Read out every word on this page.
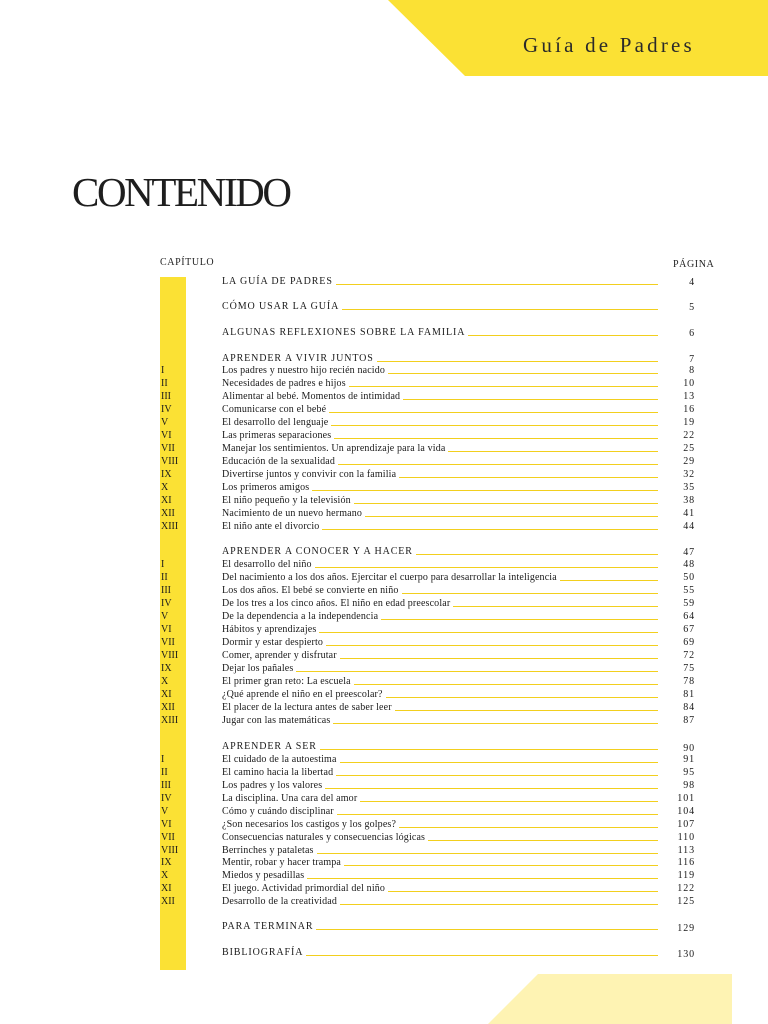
Guía de Padres
CONTENIDO
CAPÍTULO	PÁGINA
LA GUÍA DE PADRES	4
CÓMO USAR LA GUÍA	5
ALGUNAS REFLEXIONES SOBRE LA FAMILIA	6
APRENDER A VIVIR JUNTOS	7
I	Los padres y nuestro hijo recién nacido	8
II	Necesidades de padres e hijos	10
III	Alimentar al bebé. Momentos de intimidad	13
IV	Comunicarse con el bebé	16
V	El desarrollo del lenguaje	19
VI	Las primeras separaciones	22
VII	Manejar los sentimientos. Un aprendizaje para la vida	25
VIII	Educación de la sexualidad	29
IX	Divertirse juntos y convivir con la familia	32
X	Los primeros amigos	35
XI	El niño pequeño y la televisión	38
XII	Nacimiento de un nuevo hermano	41
XIII	El niño ante el divorcio	44
APRENDER A CONOCER Y A HACER	47
I	El desarrollo del niño	48
II	Del nacimiento a los dos años. Ejercitar el cuerpo para desarrollar la inteligencia	50
III	Los dos años. El bebé se convierte en niño	55
IV	De los tres a los cinco años. El niño en edad preescolar	59
V	De la dependencia a la independencia	64
VI	Hábitos y aprendizajes	67
VII	Dormir y estar despierto	69
VIII	Comer, aprender y disfrutar	72
IX	Dejar los pañales	75
X	El primer gran reto: La escuela	78
XI	¿Qué aprende el niño en el preescolar?	81
XII	El placer de la lectura antes de saber leer	84
XIII	Jugar con las matemáticas	87
APRENDER A SER	90
I	El cuidado de la autoestima	91
II	El camino hacia la libertad	95
III	Los padres y los valores	98
IV	La disciplina. Una cara del amor	101
V	Cómo y cuándo disciplinar	104
VI	¿Son necesarios los castigos y los golpes?	107
VII	Consecuencias naturales y consecuencias lógicas	110
VIII	Berrinches y pataletas	113
IX	Mentir, robar y hacer trampa	116
X	Miedos y pesadillas	119
XI	El juego. Actividad primordial del niño	122
XII	Desarrollo de la creatividad	125
PARA TERMINAR	129
BIBLIOGRAFÍA	130
